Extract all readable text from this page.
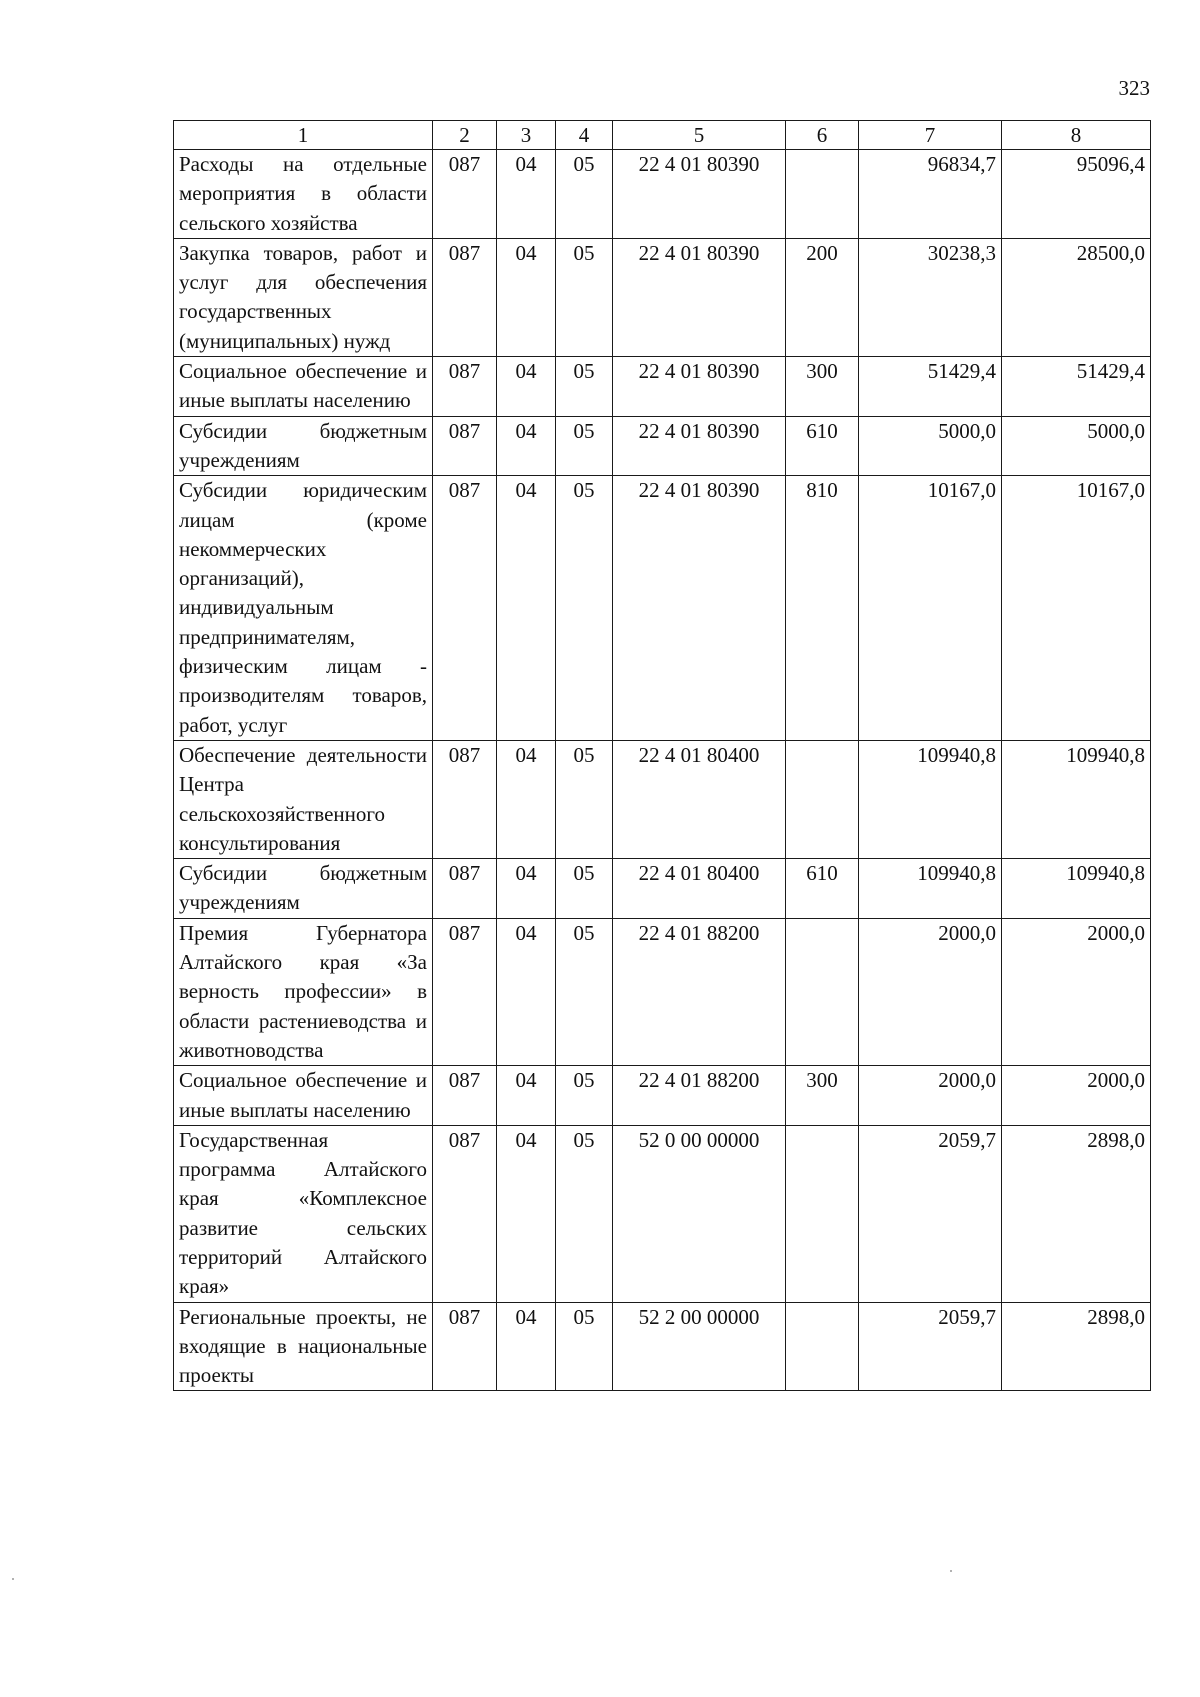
323
1	2	3	4	5	6	7	8
Расходы на отдельные мероприятия в области сельского хозяйства	087	04	05	22 4 01 80390		96834,7	95096,4
Закупка товаров, работ и услуг для обеспечения государственных (муниципальных) нужд	087	04	05	22 4 01 80390	200	30238,3	28500,0
Социальное обеспечение и иные выплаты населению	087	04	05	22 4 01 80390	300	51429,4	51429,4
Субсидии бюджетным учреждениям	087	04	05	22 4 01 80390	610	5000,0	5000,0
Субсидии юридическим лицам (кроме некоммерческих организаций), индивидуальным предпринимателям, физическим лицам - производителям товаров, работ, услуг	087	04	05	22 4 01 80390	810	10167,0	10167,0
Обеспечение деятельности Центра сельскохозяйственного консультирования	087	04	05	22 4 01 80400		109940,8	109940,8
Субсидии бюджетным учреждениям	087	04	05	22 4 01 80400	610	109940,8	109940,8
Премия Губернатора Алтайского края «За верность профессии» в области растениеводства и животноводства	087	04	05	22 4 01 88200		2000,0	2000,0
Социальное обеспечение и иные выплаты населению	087	04	05	22 4 01 88200	300	2000,0	2000,0
Государственная программа Алтайского края «Комплексное развитие сельских территорий Алтайского края»	087	04	05	52 0 00 00000		2059,7	2898,0
Региональные проекты, не входящие в национальные проекты	087	04	05	52 2 00 00000		2059,7	2898,0
